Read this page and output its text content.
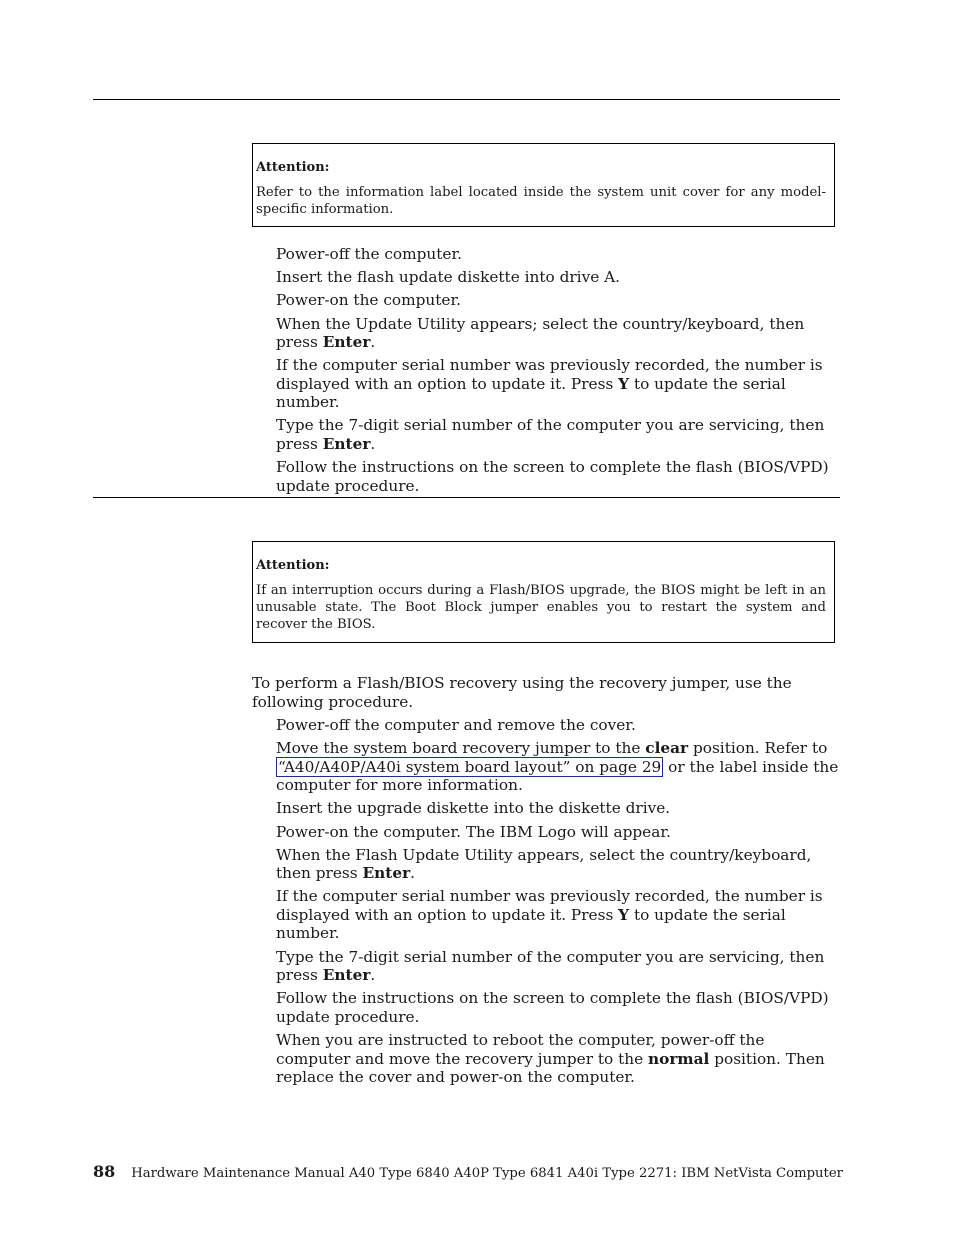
Attention:
Refer to the information label located inside the system unit cover for any model-specific information.
Power-off the computer.
Insert the flash update diskette into drive A.
Power-on the computer.
When the Update Utility appears; select the country/keyboard, then press Enter.
If the computer serial number was previously recorded, the number is displayed with an option to update it. Press Y to update the serial number.
Type the 7-digit serial number of the computer you are servicing, then press Enter.
Follow the instructions on the screen to complete the flash (BIOS/VPD) update procedure.
Attention:
If an interruption occurs during a Flash/BIOS upgrade, the BIOS might be left in an unusable state. The Boot Block jumper enables you to restart the system and recover the BIOS.

To perform a Flash/BIOS recovery using the recovery jumper, use the following procedure.

Power-off the computer and remove the cover.
Move the system board recovery jumper to the clear position. Refer to “A40/A40P/A40i system board layout” on page 29 or the label inside the computer for more information.
Insert the upgrade diskette into the diskette drive.
Power-on the computer. The IBM Logo will appear.
When the Flash Update Utility appears, select the country/keyboard, then press Enter.
If the computer serial number was previously recorded, the number is displayed with an option to update it. Press Y to update the serial number.
Type the 7-digit serial number of the computer you are servicing, then press Enter.
Follow the instructions on the screen to complete the flash (BIOS/VPD) update procedure.
When you are instructed to reboot the computer, power-off the computer and move the recovery jumper to the normal position. Then replace the cover and power-on the computer.
88 Hardware Maintenance Manual A40 Type 6840 A40P Type 6841 A40i Type 2271: IBM NetVista Computer
